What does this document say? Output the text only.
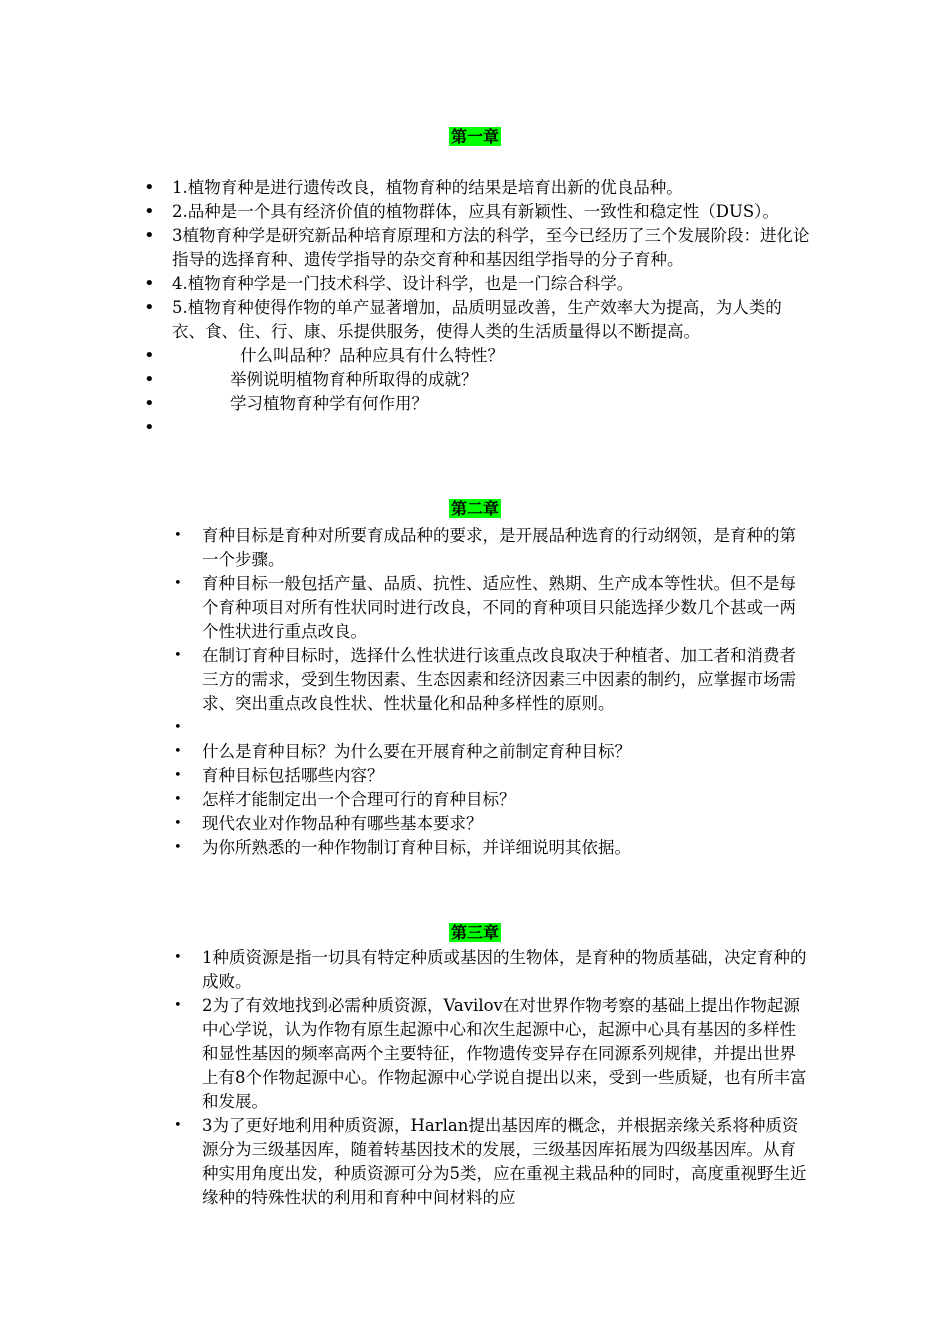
第一章
• 1.植物育种是进行遗传改良，植物育种的结果是培育出新的优良品种。
• 2.品种是一个具有经济价值的植物群体，应具有新颖性、一致性和稳定性（DUS）。
• 3植物育种学是研究新品种培育原理和方法的科学，至今已经历了三个发展阶段：进化论指导的选择育种、遗传学指导的杂交育种和基因组学指导的分子育种。
• 4.植物育种学是一门技术科学、设计科学，也是一门综合科学。
• 5.植物育种使得作物的单产显著增加，品质明显改善，生产效率大为提高，为人类的衣、食、住、行、康、乐提供服务，使得人类的生活质量得以不断提高。
•	什么叫品种？品种应具有什么特性？
•	举例说明植物育种所取得的成就？
•	学习植物育种学有何作用？
•

第二章
• 育种目标是育种对所要育成品种的要求，是开展品种选育的行动纲领，是育种的第一个步骤。
• 育种目标一般包括产量、品质、抗性、适应性、熟期、生产成本等性状。但不是每个育种项目对所有性状同时进行改良，不同的育种项目只能选择少数几个甚或一两个性状进行重点改良。
• 在制订育种目标时，选择什么性状进行该重点改良取决于种植者、加工者和消费者三方的需求，受到生物因素、生态因素和经济因素三中因素的制约，应掌握市场需求、突出重点改良性状、性状量化和品种多样性的原则。
•

• 什么是育种目标？为什么要在开展育种之前制定育种目标？
• 育种目标包括哪些内容？
• 怎样才能制定出一个合理可行的育种目标？
• 现代农业对作物品种有哪些基本要求？
• 为你所熟悉的一种作物制订育种目标，并详细说明其依据。
第三章
• 1种质资源是指一切具有特定种质或基因的生物体，是育种的物质基础，决定育种的成败。
• 2为了有效地找到必需种质资源，Vavilov在对世界作物考察的基础上提出作物起源中心学说，认为作物有原生起源中心和次生起源中心，起源中心具有基因的多样性和显性基因的频率高两个主要特征，作物遗传变异存在同源系列规律，并提出世界上有8个作物起源中心。作物起源中心学说自提出以来，受到一些质疑，也有所丰富和发展。
• 3为了更好地利用种质资源，Harlan提出基因库的概念，并根据亲缘关系将种质资源分为三级基因库，随着转基因技术的发展，三级基因库拓展为四级基因库。从育种实用角度出发，种质资源可分为5类，应在重视主栽品种的同时，高度重视野生近缘种的特殊性状的利用和育种中间材料的应
